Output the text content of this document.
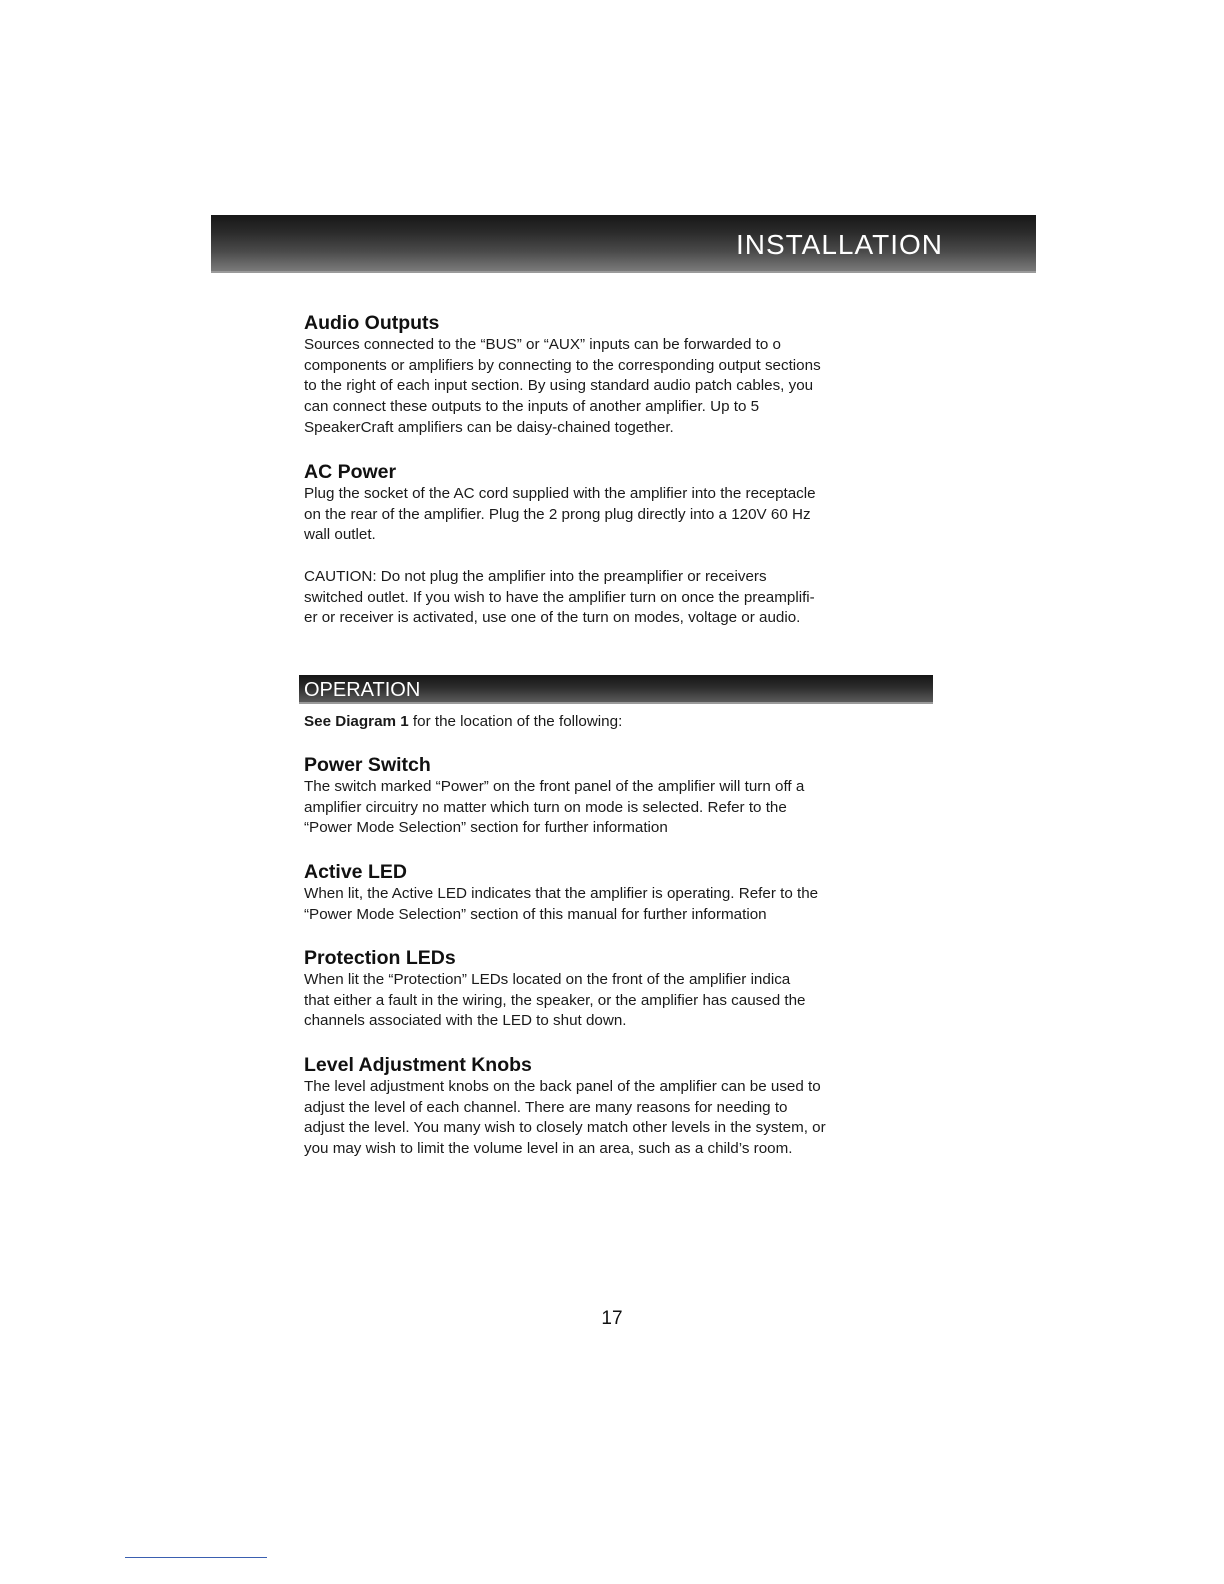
INSTALLATION
Audio Outputs
Sources connected to the “BUS” or “AUX” inputs can be forwarded to o
components or amplifiers by connecting to the corresponding output sections
to the right of each input section. By using standard audio patch cables, you
can connect these outputs to the inputs of another amplifier. Up to 5
SpeakerCraft amplifiers can be daisy-chained together.
AC Power
Plug the socket of the AC cord supplied with the amplifier into the receptacle
on the rear of the amplifier. Plug the 2 prong plug directly into a 120V 60 Hz
wall outlet.
CAUTION: Do not plug the amplifier into the preamplifier or receivers
switched outlet. If you wish to have the amplifier turn on once the preamplifi-
er or receiver is activated, use one of the turn on modes, voltage or audio.
OPERATION
See Diagram 1 for the location of the following:
Power Switch
The switch marked “Power” on the front panel of the amplifier will turn off a
amplifier circuitry no matter which turn on mode is selected. Refer to the
“Power Mode Selection” section for further information
Active LED
When lit, the Active LED indicates that the amplifier is operating. Refer to the
“Power Mode Selection” section of this manual for further information
Protection LEDs
When lit the “Protection” LEDs located on the front of the amplifier indica
that either a fault in the wiring, the speaker, or the amplifier has caused the
channels associated with the LED to shut down.
Level Adjustment Knobs
The level adjustment knobs on the back panel of the amplifier can be used to
adjust the level of each channel. There are many reasons for needing to
adjust the level. You many wish to closely match other levels in the system, or
you may wish to limit the volume level in an area, such as a child’s room.
17
